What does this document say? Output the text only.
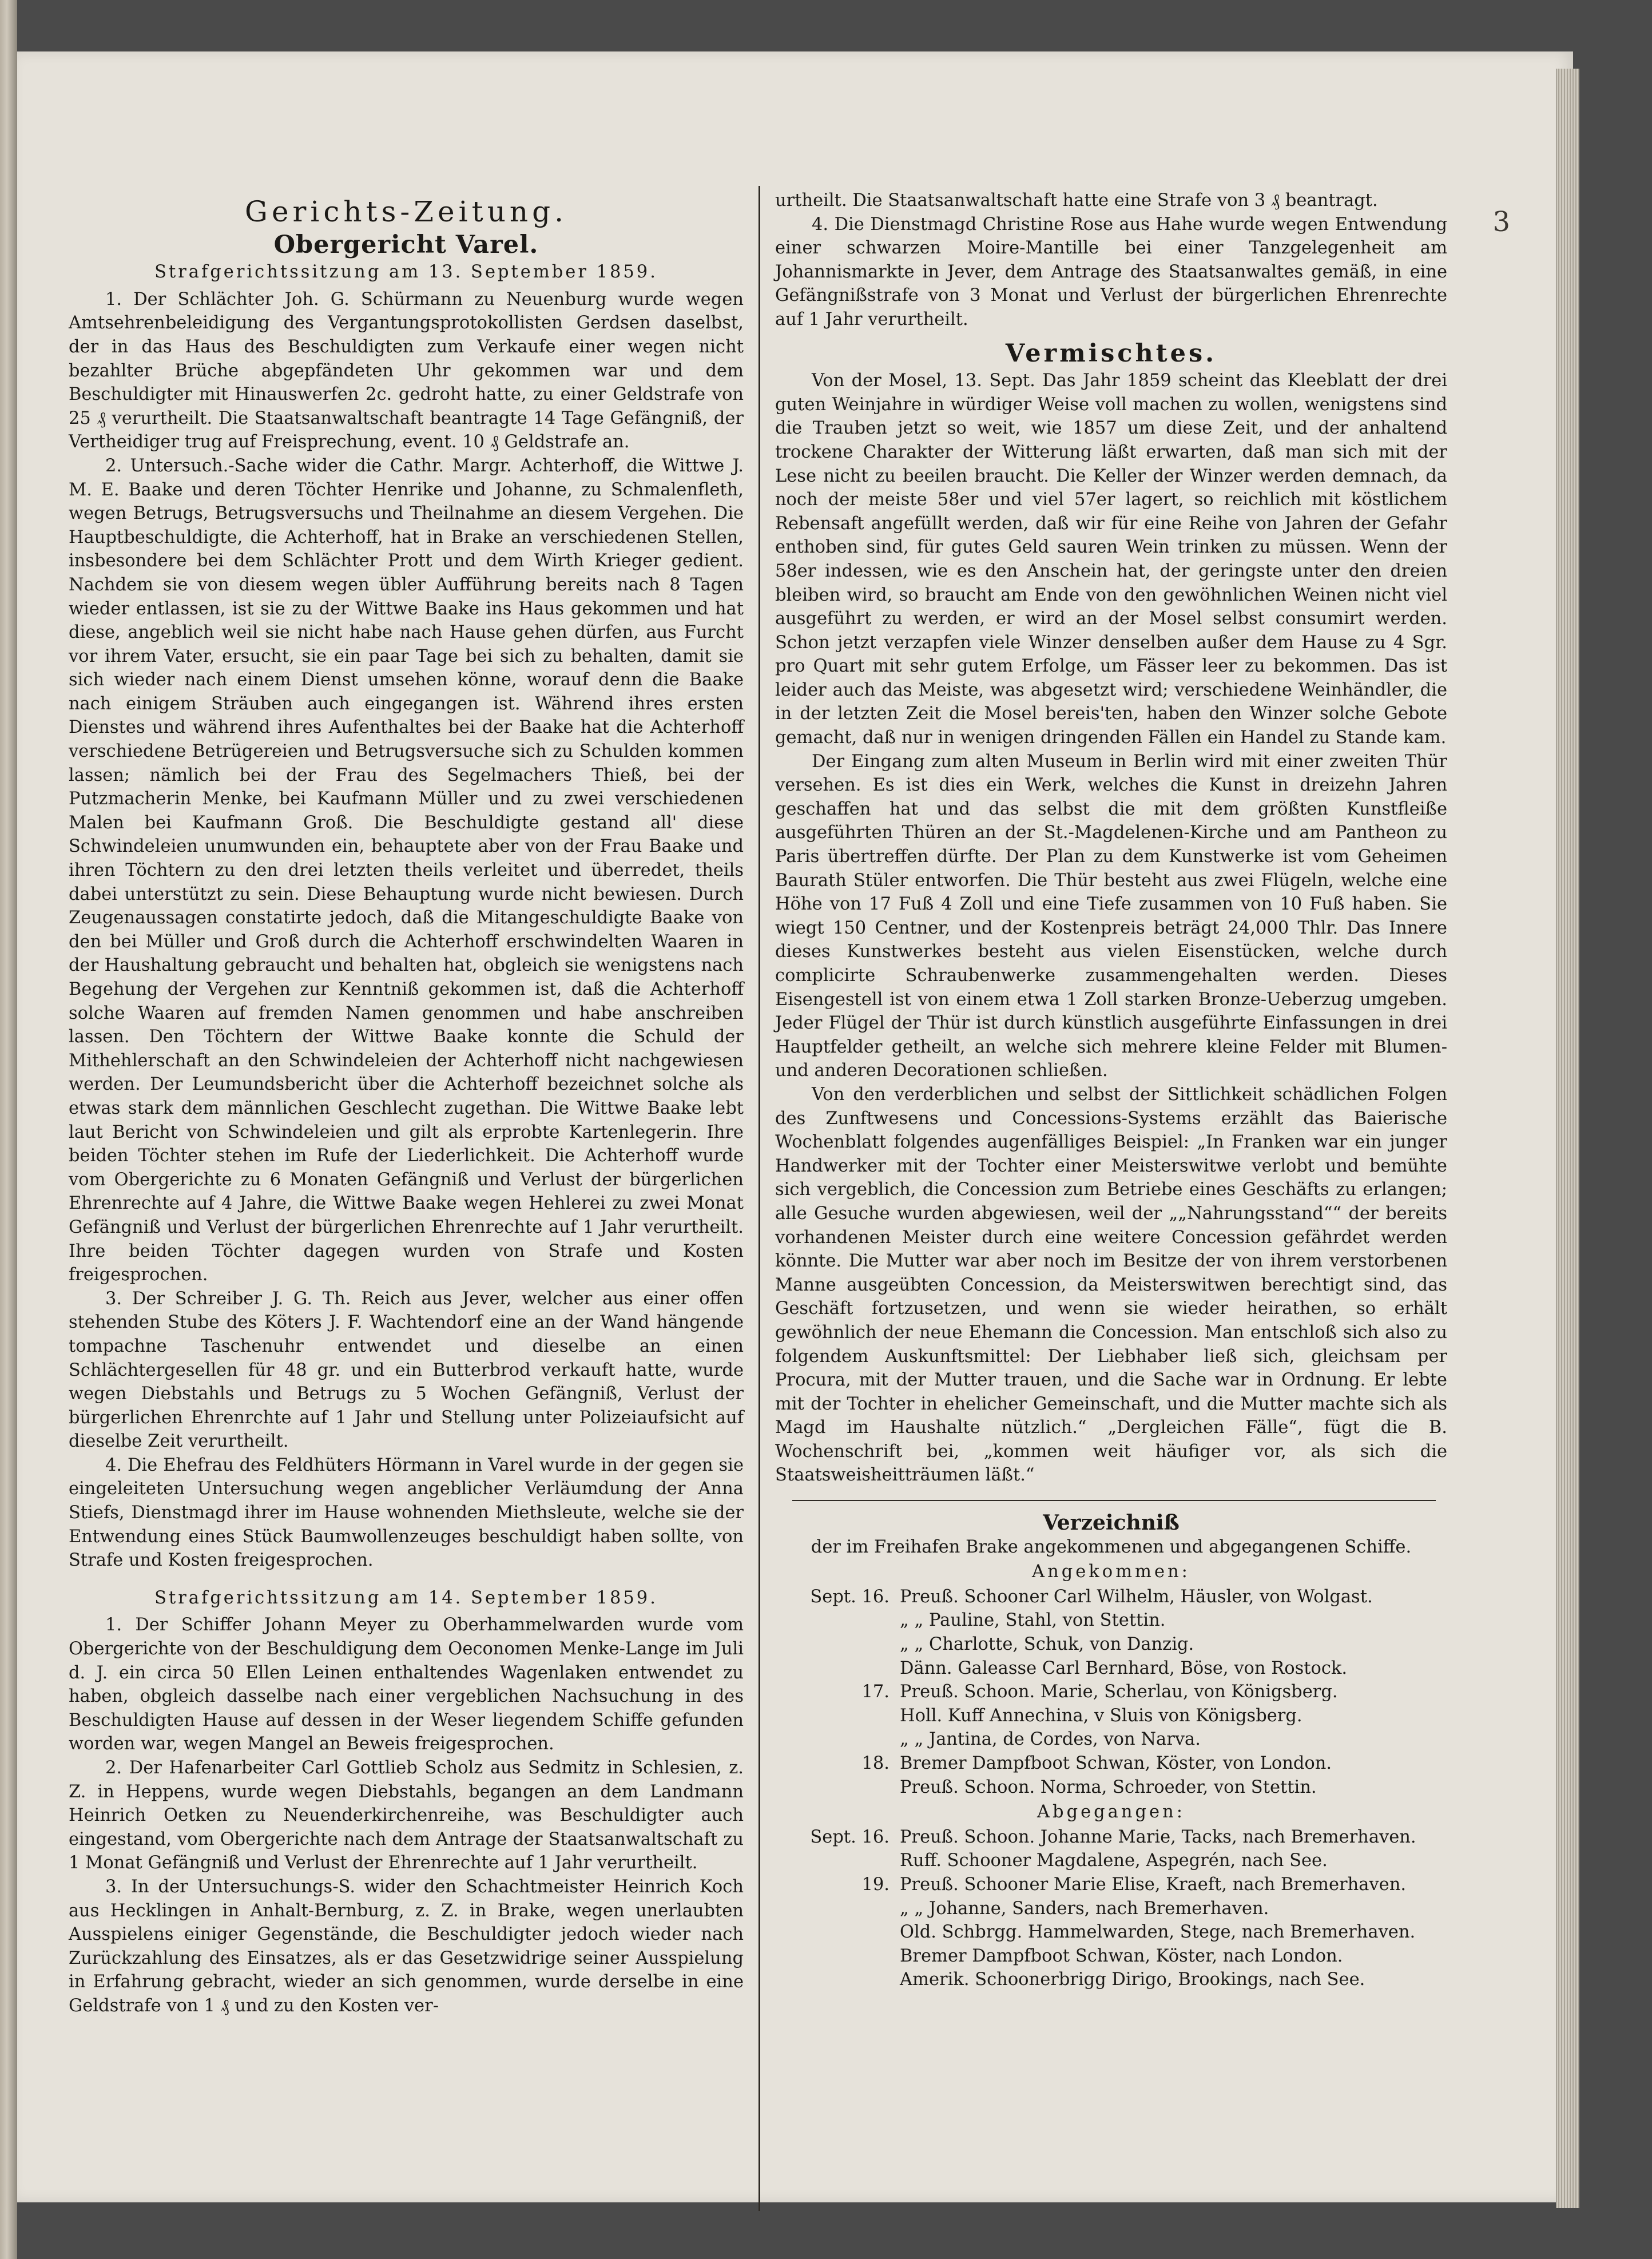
3
Gerichts-Zeitung.
Obergericht Varel.

Strafgerichtssitzung am 13. September 1859.

1. Der Schlächter Joh. G. Schürmann zu Neuenburg wurde wegen Amtsehrenbeleidigung des Vergantungsprotokollisten Gerdsen daselbst, der in das Haus des Beschuldigten zum Verkaufe einer wegen nicht bezahlter Brüche abgepfändeten Uhr gekommen war und dem Beschuldigter mit Hinauswerfen 2c. gedroht hatte, zu einer Geldstrafe von 25 ₰ verurtheilt. Die Staatsanwaltschaft beantragte 14 Tage Gefängniß, der Vertheidiger trug auf Freisprechung, event. 10 ₰ Geldstrafe an.

2. Untersuch.-Sache wider die Cathr. Margr. Achterhoff, die Wittwe J. M. E. Baake und deren Töchter Henrike und Johanne, zu Schmalenfleth, wegen Betrugs, Betrugsversuchs und Theilnahme an diesem Vergehen. Die Hauptbeschuldigte, die Achterhoff, hat in Brake an verschiedenen Stellen, insbesondere bei dem Schlächter Prott und dem Wirth Krieger gedient. Nachdem sie von diesem wegen übler Aufführung bereits nach 8 Tagen wieder entlassen, ist sie zu der Wittwe Baake ins Haus gekommen und hat diese, angeblich weil sie nicht habe nach Hause gehen dürfen, aus Furcht vor ihrem Vater, ersucht, sie ein paar Tage bei sich zu behalten, damit sie sich wieder nach einem Dienst umsehen könne, worauf denn die Baake nach einigem Sträuben auch eingegangen ist. Während ihres ersten Dienstes und während ihres Aufenthaltes bei der Baake hat die Achterhoff verschiedene Betrügereien und Betrugsversuche sich zu Schulden kommen lassen; nämlich bei der Frau des Segelmachers Thieß, bei der Putzmacherin Menke, bei Kaufmann Müller und zu zwei verschiedenen Malen bei Kaufmann Groß. Die Beschuldigte gestand all' diese Schwindeleien unumwunden ein, behauptete aber von der Frau Baake und ihren Töchtern zu den drei letzten theils verleitet und überredet, theils dabei unterstützt zu sein. Diese Behauptung wurde nicht bewiesen. Durch Zeugenaussagen constatirte jedoch, daß die Mitangeschuldigte Baake von den bei Müller und Groß durch die Achterhoff erschwindelten Waaren in der Haushaltung gebraucht und behalten hat, obgleich sie wenigstens nach Begehung der Vergehen zur Kenntniß gekommen ist, daß die Achterhoff solche Waaren auf fremden Namen genommen und habe anschreiben lassen. Den Töchtern der Wittwe Baake konnte die Schuld der Mithehlerschaft an den Schwindeleien der Achterhoff nicht nachgewiesen werden. Der Leumundsbericht über die Achterhoff bezeichnet solche als etwas stark dem männlichen Geschlecht zugethan. Die Wittwe Baake lebt laut Bericht von Schwindeleien und gilt als erprobte Kartenlegerin. Ihre beiden Töchter stehen im Rufe der Liederlichkeit. Die Achterhoff wurde vom Obergerichte zu 6 Monaten Gefängniß und Verlust der bürgerlichen Ehrenrechte auf 4 Jahre, die Wittwe Baake wegen Hehlerei zu zwei Monat Gefängniß und Verlust der bürgerlichen Ehrenrechte auf 1 Jahr verurtheilt. Ihre beiden Töchter dagegen wurden von Strafe und Kosten freigesprochen.

3. Der Schreiber J. G. Th. Reich aus Jever, welcher aus einer offen stehenden Stube des Köters J. F. Wachtendorf eine an der Wand hängende tompachne Taschenuhr entwendet und dieselbe an einen Schlächtergesellen für 48 gr. und ein Butterbrod verkauft hatte, wurde wegen Diebstahls und Betrugs zu 5 Wochen Gefängniß, Verlust der bürgerlichen Ehrenrchte auf 1 Jahr und Stellung unter Polizeiaufsicht auf dieselbe Zeit verurtheilt.

4. Die Ehefrau des Feldhüters Hörmann in Varel wurde in der gegen sie eingeleiteten Untersuchung wegen angeblicher Verläumdung der Anna Stiefs, Dienstmagd ihrer im Hause wohnenden Miethsleute, welche sie der Entwendung eines Stück Baumwollenzeuges beschuldigt haben sollte, von Strafe und Kosten freigesprochen.

Strafgerichtssitzung am 14. September 1859.

1. Der Schiffer Johann Meyer zu Oberhammelwarden wurde vom Obergerichte von der Beschuldigung dem Oeconomen Menke-Lange im Juli d. J. ein circa 50 Ellen Leinen enthaltendes Wagenlaken entwendet zu haben, obgleich dasselbe nach einer vergeblichen Nachsuchung in des Beschuldigten Hause auf dessen in der Weser liegendem Schiffe gefunden worden war, wegen Mangel an Beweis freigesprochen.

2. Der Hafenarbeiter Carl Gottlieb Scholz aus Sedmitz in Schlesien, z. Z. in Heppens, wurde wegen Diebstahls, begangen an dem Landmann Heinrich Oetken zu Neuenderkirchenreihe, was Beschuldigter auch eingestand, vom Obergerichte nach dem Antrage der Staatsanwaltschaft zu 1 Monat Gefängniß und Verlust der Ehrenrechte auf 1 Jahr verurtheilt.

3. In der Untersuchungs-S. wider den Schachtmeister Heinrich Koch aus Hecklingen in Anhalt-Bernburg, z. Z. in Brake, wegen unerlaubten Ausspielens einiger Gegenstände, die Beschuldigter jedoch wieder nach Zurückzahlung des Einsatzes, als er das Gesetzwidrige seiner Ausspielung in Erfahrung gebracht, wieder an sich genommen, wurde derselbe in eine Geldstrafe von 1 ₰ und zu den Kosten ver-

urtheilt. Die Staatsanwaltschaft hatte eine Strafe von 3 ₰ beantragt.

4. Die Dienstmagd Christine Rose aus Hahe wurde wegen Entwendung einer schwarzen Moire-Mantille bei einer Tanzgelegenheit am Johannismarkte in Jever, dem Antrage des Staatsanwaltes gemäß, in eine Gefängnißstrafe von 3 Monat und Verlust der bürgerlichen Ehrenrechte auf 1 Jahr verurtheilt.

Vermischtes.

Von der Mosel, 13. Sept. Das Jahr 1859 scheint das Kleeblatt der drei guten Weinjahre in würdiger Weise voll machen zu wollen, wenigstens sind die Trauben jetzt so weit, wie 1857 um diese Zeit, und der anhaltend trockene Charakter der Witterung läßt erwarten, daß man sich mit der Lese nicht zu beeilen braucht. Die Keller der Winzer werden demnach, da noch der meiste 58er und viel 57er lagert, so reichlich mit köstlichem Rebensaft angefüllt werden, daß wir für eine Reihe von Jahren der Gefahr enthoben sind, für gutes Geld sauren Wein trinken zu müssen. Wenn der 58er indessen, wie es den Anschein hat, der geringste unter den dreien bleiben wird, so braucht am Ende von den gewöhnlichen Weinen nicht viel ausgeführt zu werden, er wird an der Mosel selbst consumirt werden. Schon jetzt verzapfen viele Winzer denselben außer dem Hause zu 4 Sgr. pro Quart mit sehr gutem Erfolge, um Fässer leer zu bekommen. Das ist leider auch das Meiste, was abgesetzt wird; verschiedene Weinhändler, die in der letzten Zeit die Mosel bereis'ten, haben den Winzer solche Gebote gemacht, daß nur in wenigen dringenden Fällen ein Handel zu Stande kam.

Der Eingang zum alten Museum in Berlin wird mit einer zweiten Thür versehen. Es ist dies ein Werk, welches die Kunst in dreizehn Jahren geschaffen hat und das selbst die mit dem größten Kunstfleiße ausgeführten Thüren an der St.-Magdelenen-Kirche und am Pantheon zu Paris übertreffen dürfte. Der Plan zu dem Kunstwerke ist vom Geheimen Baurath Stüler entworfen. Die Thür besteht aus zwei Flügeln, welche eine Höhe von 17 Fuß 4 Zoll und eine Tiefe zusammen von 10 Fuß haben. Sie wiegt 150 Centner, und der Kostenpreis beträgt 24,000 Thlr. Das Innere dieses Kunstwerkes besteht aus vielen Eisenstücken, welche durch complicirte Schraubenwerke zusammengehalten werden. Dieses Eisengestell ist von einem etwa 1 Zoll starken Bronze-Ueberzug umgeben. Jeder Flügel der Thür ist durch künstlich ausgeführte Einfassungen in drei Hauptfelder getheilt, an welche sich mehrere kleine Felder mit Blumen- und anderen Decorationen schließen.

Von den verderblichen und selbst der Sittlichkeit schädlichen Folgen des Zunftwesens und Concessions-Systems erzählt das Baierische Wochenblatt folgendes augenfälliges Beispiel: „In Franken war ein junger Handwerker mit der Tochter einer Meisterswitwe verlobt und bemühte sich vergeblich, die Concession zum Betriebe eines Geschäfts zu erlangen; alle Gesuche wurden abgewiesen, weil der „„Nahrungsstand““ der bereits vorhandenen Meister durch eine weitere Concession gefährdet werden könnte. Die Mutter war aber noch im Besitze der von ihrem verstorbenen Manne ausgeübten Concession, da Meisterswitwen berechtigt sind, das Geschäft fortzusetzen, und wenn sie wieder heirathen, so erhält gewöhnlich der neue Ehemann die Concession. Man entschloß sich also zu folgendem Auskunftsmittel: Der Liebhaber ließ sich, gleichsam per Procura, mit der Mutter trauen, und die Sache war in Ordnung. Er lebte mit der Tochter in ehelicher Gemeinschaft, und die Mutter machte sich als Magd im Haushalte nützlich.“ „Dergleichen Fälle“, fügt die B. Wochenschrift bei, „kommen weit häufiger vor, als sich die Staatsweisheitträumen läßt.“

Verzeichniß

der im Freihafen Brake angekommenen und abgegangenen Schiffe.

Angekommen:

Sept. 16. Preuß. Schooner Carl Wilhelm, Häusler, von Wolgast.
„ „ Pauline, Stahl, von Stettin.
„ „ Charlotte, Schuk, von Danzig.
Dänn. Galeasse Carl Bernhard, Böse, von Rostock.
17. Preuß. Schoon. Marie, Scherlau, von Königsberg.
Holl. Kuff Annechina, v Sluis von Königsberg.
„ „ Jantina, de Cordes, von Narva.
18. Bremer Dampfboot Schwan, Köster, von London.
Preuß. Schoon. Norma, Schroeder, von Stettin.

Abgegangen:

Sept. 16. Preuß. Schoon. Johanne Marie, Tacks, nach Bremerhaven.
Ruff. Schooner Magdalene, Aspegrén, nach See.
19. Preuß. Schooner Marie Elise, Kraeft, nach Bremerhaven.
„ „ Johanne, Sanders, nach Bremerhaven.
Old. Schbrgg. Hammelwarden, Stege, nach Bremerhaven.
Bremer Dampfboot Schwan, Köster, nach London.
Amerik. Schoonerbrigg Dirigo, Brookings, nach See.
